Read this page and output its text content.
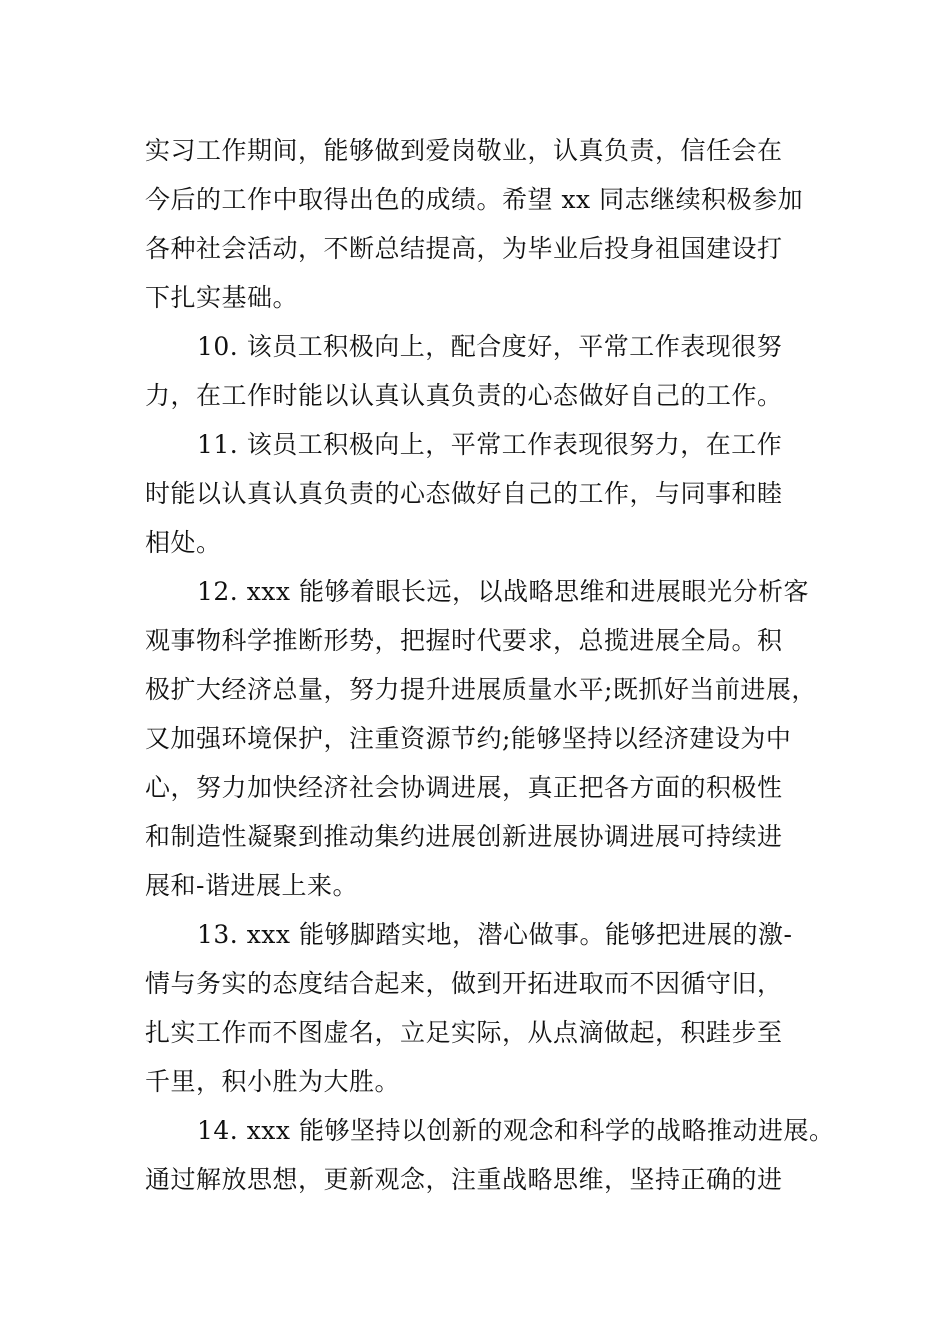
实习工作期间，能够做到爱岗敬业，认真负责，信任会在
今后的工作中取得出色的成绩。希望 xx 同志继续积极参加
各种社会活动，不断总结提高，为毕业后投身祖国建设打
下扎实基础。
10. 该员工积极向上，配合度好，平常工作表现很努
力，在工作时能以认真认真负责的心态做好自己的工作。
11. 该员工积极向上，平常工作表现很努力，在工作
时能以认真认真负责的心态做好自己的工作，与同事和睦
相处。
12. xxx 能够着眼长远，以战略思维和进展眼光分析客
观事物科学推断形势，把握时代要求，总揽进展全局。积
极扩大经济总量，努力提升进展质量水平;既抓好当前进展，
又加强环境保护，注重资源节约;能够坚持以经济建设为中
心，努力加快经济社会协调进展，真正把各方面的积极性
和制造性凝聚到推动集约进展创新进展协调进展可持续进
展和-谐进展上来。
13. xxx 能够脚踏实地，潜心做事。能够把进展的激-
情与务实的态度结合起来，做到开拓进取而不因循守旧，
扎实工作而不图虚名，立足实际，从点滴做起，积跬步至
千里，积小胜为大胜。
14. xxx 能够坚持以创新的观念和科学的战略推动进展。
通过解放思想，更新观念，注重战略思维，坚持正确的进
